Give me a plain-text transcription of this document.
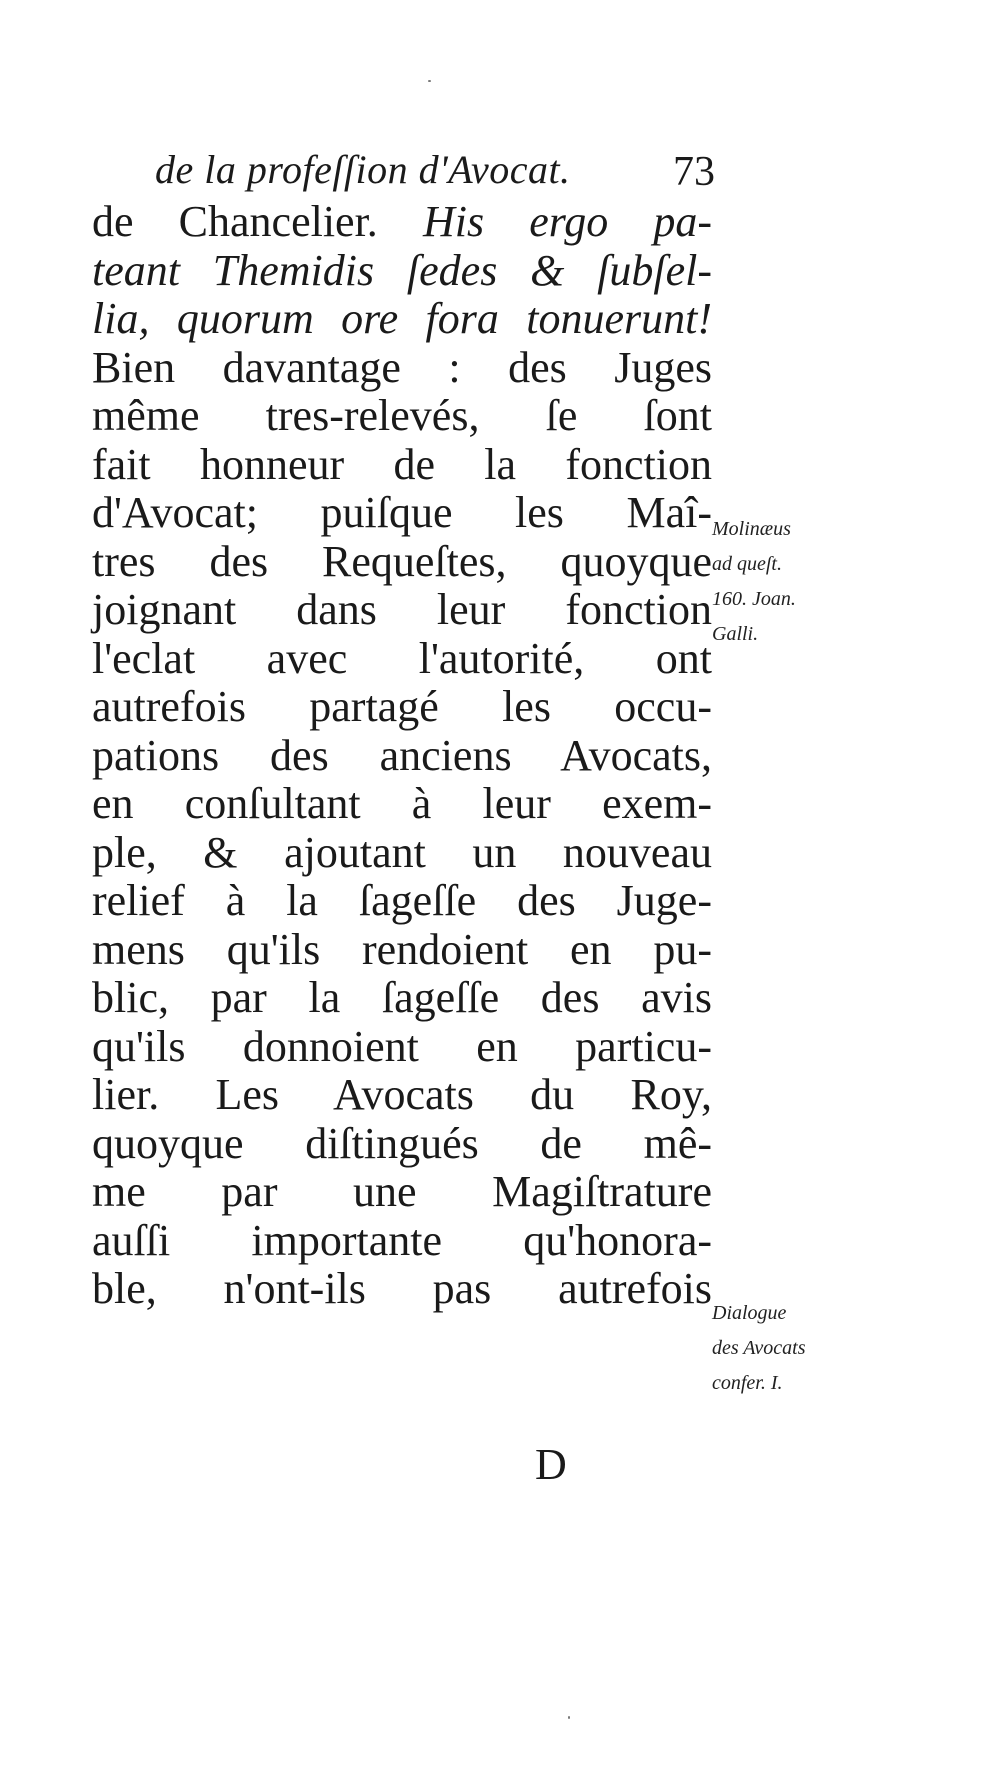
de la profeſſion d'Avocat. 73
de Chancelier. His ergo pa-
teant Themidis ſedes & ſubſel-
lia, quorum ore fora tonuerunt!
Bien davantage : des Juges
même tres-relevés, ſe ſont
fait honneur de la fonction
d'Avocat; puiſque les Maî-
tres des Requeſtes, quoyque
joignant dans leur fonction
l'eclat avec l'autorité, ont
autrefois partagé les occu-
pations des anciens Avocats,
en conſultant à leur exem-
ple, & ajoutant un nouveau
relief à la ſageſſe des Juge-
mens qu'ils rendoient en pu-
blic, par la ſageſſe des avis
qu'ils donnoient en particu-
lier. Les Avocats du Roy,
quoyque diſtingués de mê-
me par une Magiſtrature
auſſi importante qu'honora-
ble, n'ont-ils pas autrefois
Molinæus
ad queſt.
160. Joan.
Galli.
Dialogue
des Avocats
confer. I.
D
